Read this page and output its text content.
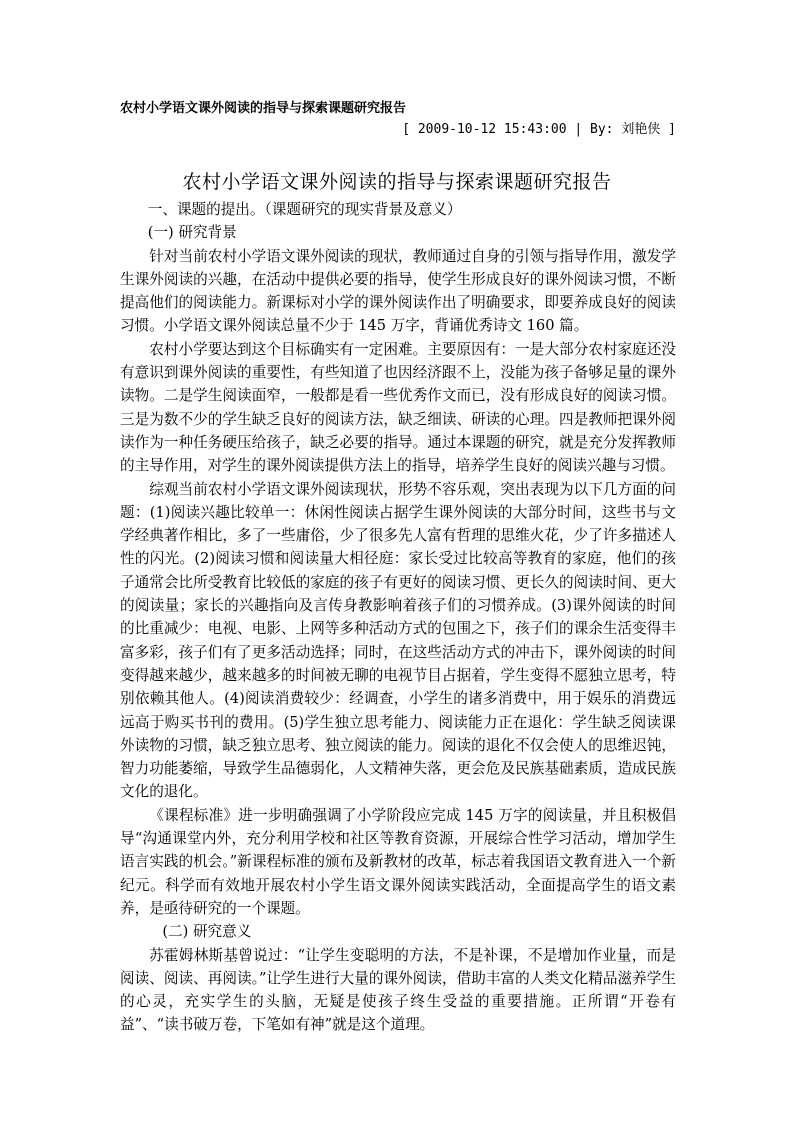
农村小学语文课外阅读的指导与探索课题研究报告
[ 2009-10-12 15:43:00 | By: 刘艳侠 ]
农村小学语文课外阅读的指导与探索课题研究报告

一、课题的提出。（课题研究的现实背景及意义）

(一) 研究背景

针对当前农村小学语文课外阅读的现状，教师通过自身的引领与指导作用，激发学生课外阅读的兴趣，在活动中提供必要的指导，使学生形成良好的课外阅读习惯，不断提高他们的阅读能力。新课标对小学的课外阅读作出了明确要求，即要养成良好的阅读习惯。小学语文课外阅读总量不少于 145 万字，背诵优秀诗文 160 篇。

农村小学要达到这个目标确实有一定困难。主要原因有：一是大部分农村家庭还没有意识到课外阅读的重要性，有些知道了也因经济跟不上，没能为孩子备够足量的课外读物。二是学生阅读面窄，一般都是看一些优秀作文而已，没有形成良好的阅读习惯。三是为数不少的学生缺乏良好的阅读方法，缺乏细读、研读的心理。四是教师把课外阅读作为一种任务硬压给孩子，缺乏必要的指导。通过本课题的研究，就是充分发挥教师的主导作用，对学生的课外阅读提供方法上的指导，培养学生良好的阅读兴趣与习惯。

综观当前农村小学语文课外阅读现状，形势不容乐观，突出表现为以下几方面的问题：(1)阅读兴趣比较单一：休闲性阅读占据学生课外阅读的大部分时间，这些书与文学经典著作相比，多了一些庸俗，少了很多先人富有哲理的思维火花，少了许多描述人性的闪光。(2)阅读习惯和阅读量大相径庭：家长受过比较高等教育的家庭，他们的孩子通常会比所受教育比较低的家庭的孩子有更好的阅读习惯、更长久的阅读时间、更大的阅读量；家长的兴趣指向及言传身教影响着孩子们的习惯养成。(3)课外阅读的时间的比重减少：电视、电影、上网等多种活动方式的包围之下，孩子们的课余生活变得丰富多彩，孩子们有了更多活动选择；同时，在这些活动方式的冲击下，课外阅读的时间变得越来越少，越来越多的时间被无聊的电视节目占据着，学生变得不愿独立思考，特别依赖其他人。(4)阅读消费较少：经调查，小学生的诸多消费中，用于娱乐的消费远远高于购买书刊的费用。(5)学生独立思考能力、阅读能力正在退化：学生缺乏阅读课外读物的习惯，缺乏独立思考、独立阅读的能力。阅读的退化不仅会使人的思维迟钝，智力功能萎缩，导致学生品德弱化，人文精神失落，更会危及民族基础素质，造成民族文化的退化。

《课程标准》进一步明确强调了小学阶段应完成 145 万字的阅读量，并且积极倡导“沟通课堂内外，充分利用学校和社区等教育资源，开展综合性学习活动，增加学生语言实践的机会。”新课程标准的颁布及新教材的改革，标志着我国语文教育进入一个新纪元。科学而有效地开展农村小学生语文课外阅读实践活动，全面提高学生的语文素养，是亟待研究的一个课题。

(二) 研究意义

苏霍姆林斯基曾说过：“让学生变聪明的方法，不是补课，不是增加作业量，而是阅读、阅读、再阅读。”让学生进行大量的课外阅读，借助丰富的人类文化精品滋养学生的心灵，充实学生的头脑，无疑是使孩子终生受益的重要措施。正所谓“开卷有益”、“读书破万卷，下笔如有神”就是这个道理。
